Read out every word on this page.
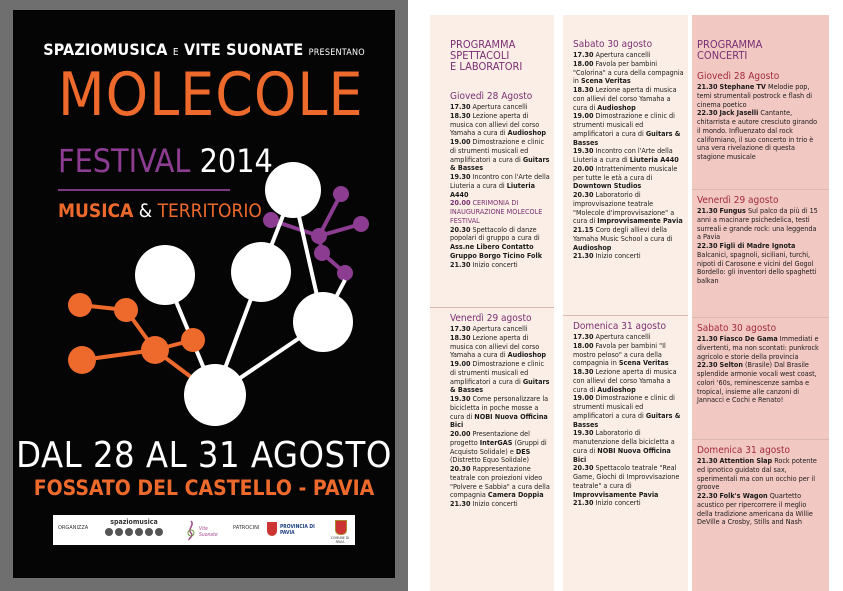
SPAZIOMUSICA E VITE SUONATE PRESENTANO
MOLECOLE
FESTIVAL 2014
MUSICA & TERRITORIO
DAL 28 AL 31 AGOSTO
FOSSATO DEL CASTELLO - PAVIA
ORGANIZZA
spaziomusica
Vite Suonate
PATROCINI	PROVINCIA DI PAVIA
COMUNE DI PAVIA
PROGRAMMA
SPETTACOLI
E LABORATORI
Giovedì 28 Agosto
17.30 Apertura cancelli
18.30 Lezione aperta di musica con allievi del corso Yamaha a cura di Audioshop
19.00 Dimostrazione e clinic di strumenti musicali ed amplificatori a cura di Guitars & Basses
19.30 Incontro con l'Arte della Liuteria a cura di Liuteria A440
20.00 CERIMONIA DI INAUGURAZIONE MOLECOLE FESTIVAL
20.30 Spettacolo di danze popolari di gruppo a cura di Ass.ne Libero Contatto Gruppo Borgo Ticino Folk
21.30 Inizio concerti
Venerdì 29 agosto
17.30 Apertura cancelli
18.30 Lezione aperta di musica con allievi del corso Yamaha a cura di Audioshop
19.00 Dimostrazione e clinic di strumenti musicali ed amplificatori a cura di Guitars & Basses
19.30 Come personalizzare la bicicletta in poche mosse a cura di NOBI Nuova Officina Bici
20.00 Presentazione del progetto InterGAS (Gruppi di Acquisto Solidale) e DES (Distretto Equo Solidale)
20.30 Rappresentazione teatrale con proiezioni video "Polvere e Sabbia" a cura della compagnia Camera Doppia
21.30 Inizio concerti
Sabato 30 agosto
17.30 Apertura cancelli
18.00 Favola per bambini "Colorina" a cura della compagnia in Scena Veritas
18.30 Lezione aperta di musica con allievi del corso Yamaha a cura di Audioshop
19.00 Dimostrazione e clinic di strumenti musicali ed amplificatori a cura di Guitars & Basses
19.30 Incontro con l'Arte della Liuteria a cura di Liuteria A440
20.00 Intrattenimento musicale per tutte le età a cura di Downtown Studios
20.30 Laboratorio di improvvisazione teatrale "Molecole d'improvvisazione" a cura di Improvvisamente Pavia
21.15 Coro degli allievi della Yamaha Music School a cura di Audioshop
21.30 Inizio concerti
Domenica 31 agosto
17.30 Apertura cancelli
18.00 Favola per bambini "Il mostro peloso" a cura della compagnia in Scena Veritas
18.30 Lezione aperta di musica con allievi del corso Yamaha a cura di Audioshop
19.00 Dimostrazione e clinic di strumenti musicali ed amplificatori a cura di Guitars & Basses
19.30 Laboratorio di manutenzione della bicicletta a cura di NOBI Nuova Officina Bici
20.30 Spettacolo teatrale "Real Game, Giochi di Improvvisazione teatrale" a cura di Improvvisamente Pavia
21.30 Inizio concerti
PROGRAMMA
CONCERTI
Giovedì 28 Agosto
21.30 Stephane TV Melodie pop, temi strumentali postrock e flash di cinema poetico
22.30 Jack Jaselli Cantante, chitarrista e autore cresciuto girando il mondo. Influenzato dal rock californiano, il suo concerto in trio è una vera rivelazione di questa stagione musicale
Venerdì 29 agosto
21.30 Fungus Sul palco da più di 15 anni a macinare psichedelica, testi surreali e grande rock: una leggenda a Pavia
22.30 Figli di Madre Ignota Balcanici, spagnoli, siciliani, turchi, nipoti di Carosone e vicini del Gogol Bordello: gli inventori dello spaghetti balkan
Sabato 30 agosto
21.30 Fiasco De Gama Immediati e divertenti, ma non scontati: punkrock agricolo e storie della provincia
22.30 Selton (Brasile) Dal Brasile splendide armonie vocali west coast, colori '60s, reminescenze samba e tropical, insieme alle canzoni di Jannacci e Cochi e Renato!
Domenica 31 agosto
21.30 Attention Slap Rock potente ed ipnotico guidato dal sax, sperimentali ma con un occhio per il groove
22.30 Folk's Wagon Quartetto acustico per ripercorrere il meglio della tradizione americana da Willie DeVille a Crosby, Stills and Nash
